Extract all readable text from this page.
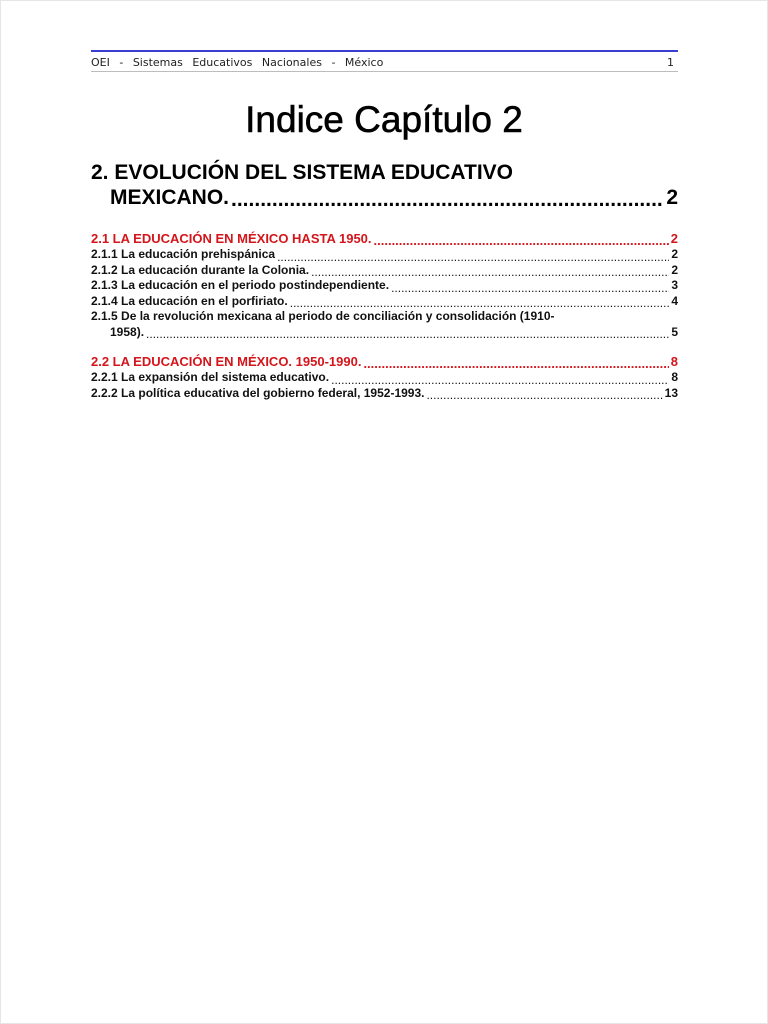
OEI - Sistemas Educativos Nacionales - México	1
Indice Capítulo 2
2. EVOLUCIÓN DEL SISTEMA EDUCATIVO
MEXICANO. .....	2
2.1 LA EDUCACIÓN EN MÉXICO HASTA 1950. .....	2
2.1.1 La educación prehispánica .....	2
2.1.2 La educación durante la Colonia. .....	2
2.1.3 La educación en el periodo postindependiente. .....	3
2.1.4 La educación en el porfiriato. .....	4
2.1.5 De la revolución mexicana al periodo de conciliación y consolidación (1910-
1958). .....	5
2.2 LA EDUCACIÓN EN MÉXICO. 1950-1990. .....	8
2.2.1 La expansión del sistema educativo. .....	8
2.2.2 La política educativa del gobierno federal, 1952-1993. .....	13
